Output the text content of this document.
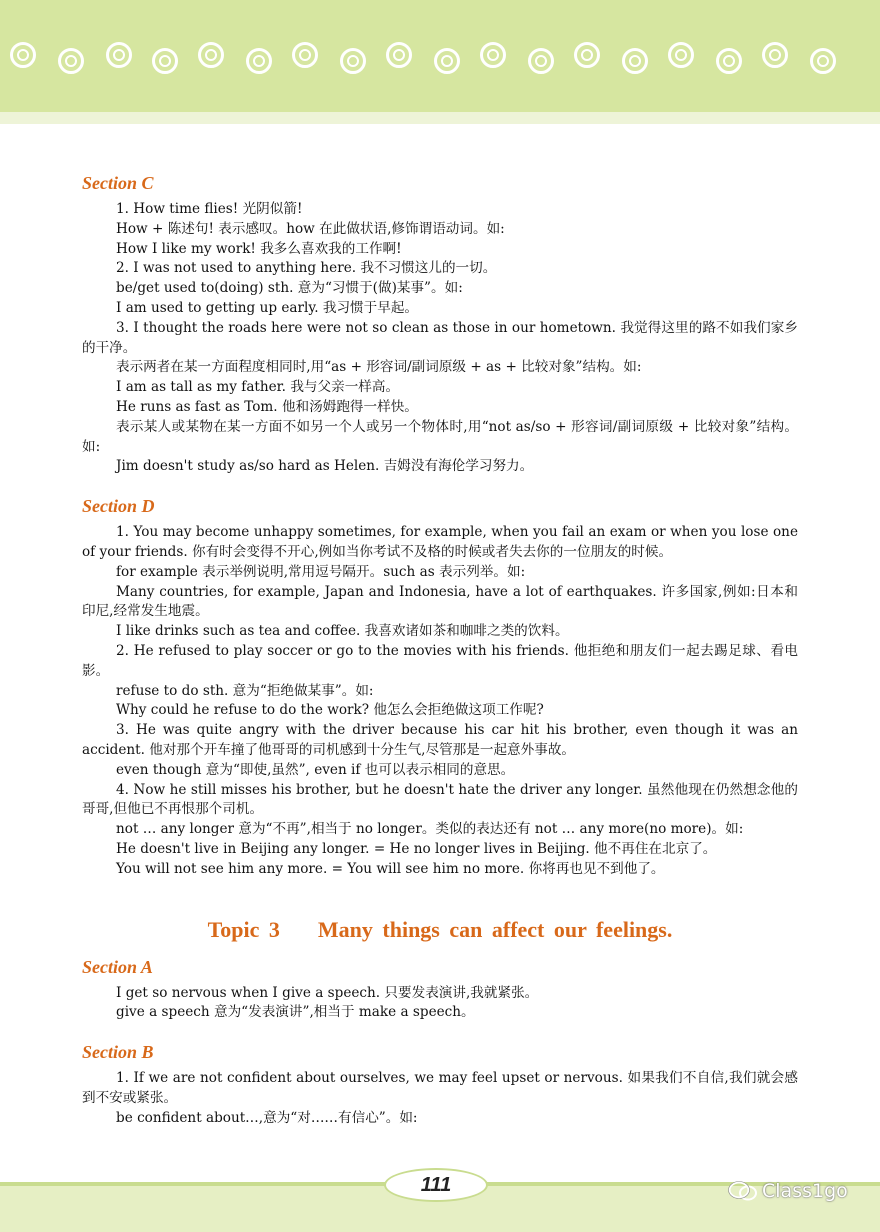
Section C
1. How time flies! 光阴似箭!
How + 陈述句! 表示感叹。how 在此做状语,修饰谓语动词。如:
How I like my work! 我多么喜欢我的工作啊!
2. I was not used to anything here. 我不习惯这儿的一切。
be/get used to(doing) sth. 意为“习惯于(做)某事”。如:
I am used to getting up early. 我习惯于早起。
3. I thought the roads here were not so clean as those in our hometown. 我觉得这里的路不如我们家乡的干净。
表示两者在某一方面程度相同时,用“as + 形容词/副词原级 + as + 比较对象”结构。如:
I am as tall as my father. 我与父亲一样高。
He runs as fast as Tom. 他和汤姆跑得一样快。
表示某人或某物在某一方面不如另一个人或另一个物体时,用“not as/so + 形容词/副词原级 + 比较对象”结构。如:
Jim doesn't study as/so hard as Helen. 吉姆没有海伦学习努力。
Section D
1. You may become unhappy sometimes, for example, when you fail an exam or when you lose one of your friends. 你有时会变得不开心,例如当你考试不及格的时候或者失去你的一位朋友的时候。
for example 表示举例说明,常用逗号隔开。such as 表示列举。如:
Many countries, for example, Japan and Indonesia, have a lot of earthquakes. 许多国家,例如:日本和印尼,经常发生地震。
I like drinks such as tea and coffee. 我喜欢诸如茶和咖啡之类的饮料。
2. He refused to play soccer or go to the movies with his friends. 他拒绝和朋友们一起去踢足球、看电影。
refuse to do sth. 意为“拒绝做某事”。如:
Why could he refuse to do the work? 他怎么会拒绝做这项工作呢?
3. He was quite angry with the driver because his car hit his brother, even though it was an accident. 他对那个开车撞了他哥哥的司机感到十分生气,尽管那是一起意外事故。
even though 意为“即使,虽然”, even if 也可以表示相同的意思。
4. Now he still misses his brother, but he doesn't hate the driver any longer. 虽然他现在仍然想念他的哥哥,但他已不再恨那个司机。
not … any longer 意为“不再”,相当于 no longer。类似的表达还有 not … any more(no more)。如:
He doesn't live in Beijing any longer. = He no longer lives in Beijing. 他不再住在北京了。
You will not see him any more. = You will see him no more. 你将再也见不到他了。
Topic 3    Many things can affect our feelings.
Section A
I get so nervous when I give a speech. 只要发表演讲,我就紧张。
give a speech 意为“发表演讲”,相当于 make a speech。
Section B
1. If we are not confident about ourselves, we may feel upset or nervous. 如果我们不自信,我们就会感到不安或紧张。
be confident about…,意为“对……有信心”。如:
111	Class1go
